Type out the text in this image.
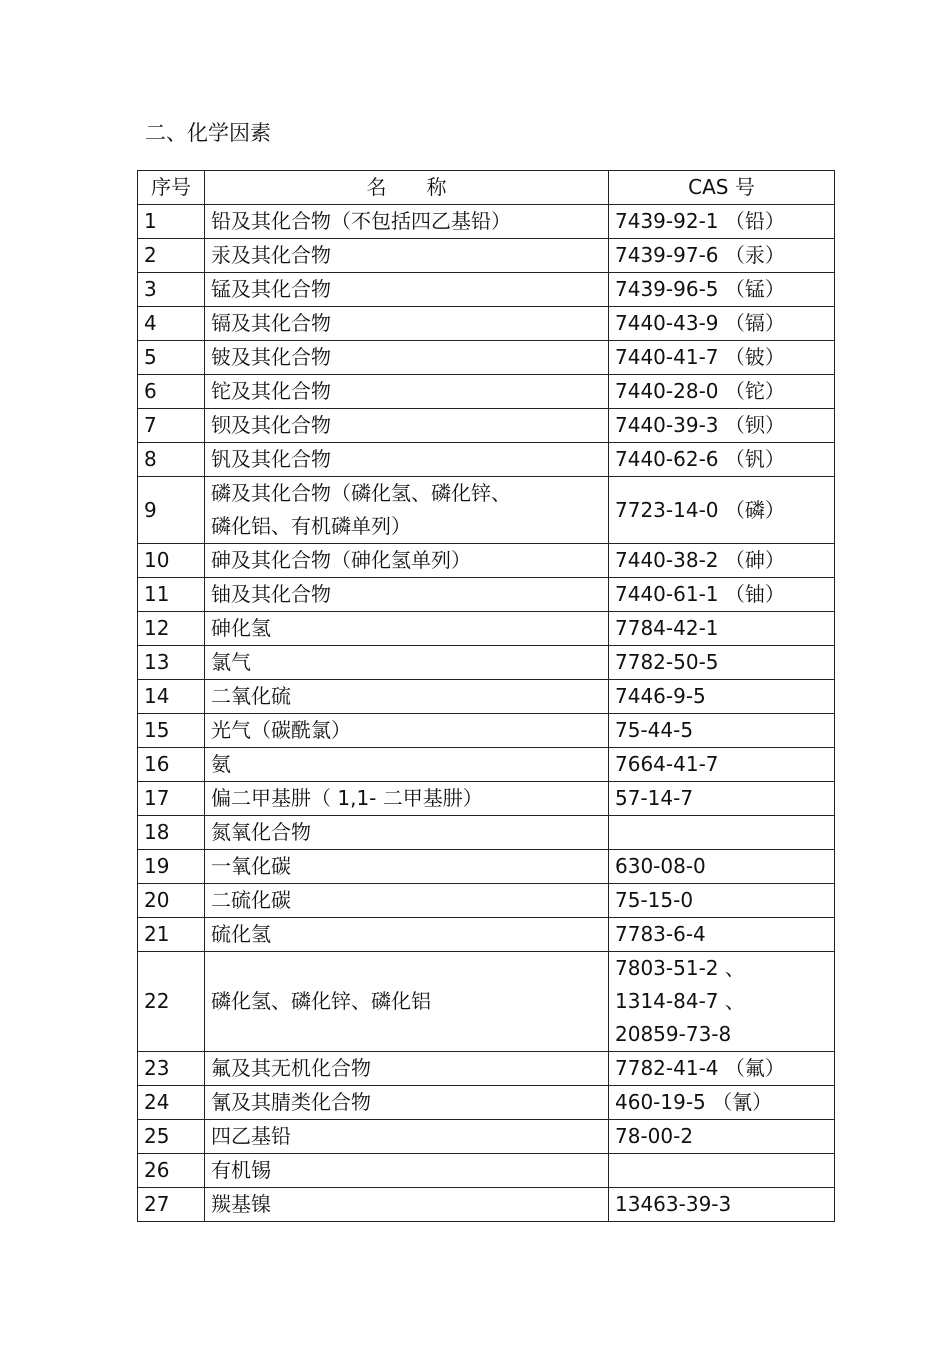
二、化学因素
序号	名　　称	CAS 号
1	铅及其化合物（不包括四乙基铅）	7439-92-1 （铅）

2	汞及其化合物	7439-97-6 （汞）

3	锰及其化合物	7439-96-5 （锰）

4	镉及其化合物	7440-43-9 （镉）

5	铍及其化合物	7440-41-7 （铍）

6	铊及其化合物	7440-28-0 （铊）

7	钡及其化合物	7440-39-3 （钡）

8	钒及其化合物	7440-62-6 （钒）

9	磷及其化合物（磷化氢、磷化锌、
磷化铝、有机磷单列）	7723-14-0 （磷）

10	砷及其化合物（砷化氢单列）	7440-38-2 （砷）

11	铀及其化合物	7440-61-1 （铀）

12	砷化氢	7784-42-1

13	氯气	7782-50-5

14	二氧化硫	7446-9-5

15	光气（碳酰氯）	75-44-5

16	氨	7664-41-7

17	偏二甲基肼（ 1,1- 二甲基肼）	57-14-7

18	氮氧化合物	

19	一氧化碳	630-08-0

20	二硫化碳	75-15-0

21	硫化氢	7783-6-4

22	磷化氢、磷化锌、磷化铝	7803-51-2 、
1314-84-7 、
20859-73-8

23	氟及其无机化合物	7782-41-4 （氟）

24	氰及其腈类化合物	460-19-5 （氰）

25	四乙基铅	78-00-2

26	有机锡	

27	羰基镍	13463-39-3
